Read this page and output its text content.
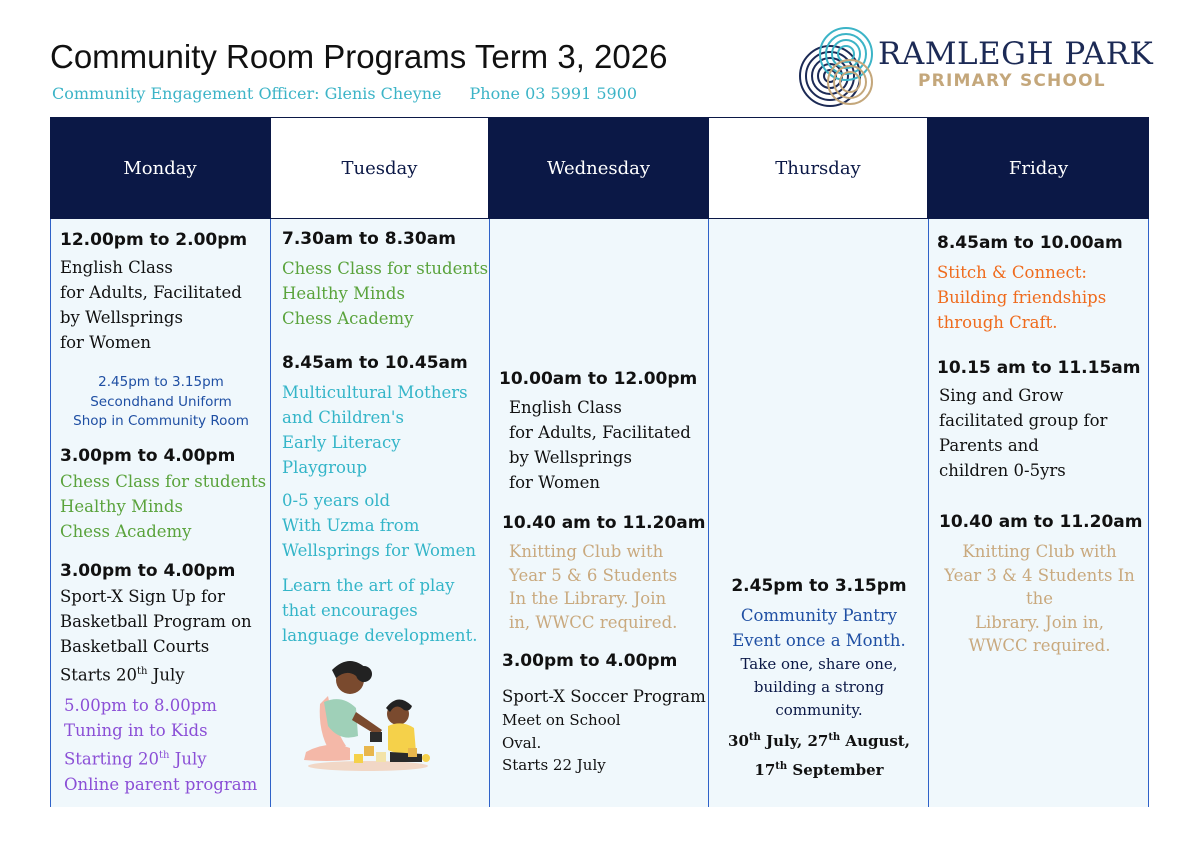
Community Room Programs Term 3, 2026
Community Engagement Officer: Glenis Cheyne Phone 03 5991 5900
RAMLEGH PARK
PRIMARY SCHOOL
Monday
12.00pm to 2.00pm
English Class
for Adults, Facilitated
by Wellsprings
for Women
2.45pm to 3.15pm
Secondhand Uniform
Shop in Community Room
3.00pm to 4.00pm
Chess Class for students
Healthy Minds
Chess Academy
3.00pm to 4.00pm
Sport-X Sign Up for
Basketball Program on
Basketball Courts
Starts 20th July
5.00pm to 8.00pm
Tuning in to Kids
Starting 20th July
Online parent program
Tuesday
7.30am to 8.30am
Chess Class for students
Healthy Minds
Chess Academy
8.45am to 10.45am
Multicultural Mothers
and Children's
Early Literacy
Playgroup
0-5 years old
With Uzma from
Wellsprings for Women
Learn the art of play
that encourages
language development.
Wednesday
10.00am to 12.00pm
English Class
for Adults, Facilitated
by Wellsprings
for Women
10.40 am to 11.20am
Knitting Club with
Year 5 & 6 Students
In the Library. Join
in, WWCC required.
3.00pm to 4.00pm
Sport-X Soccer Program
Meet on School
Oval.
Starts 22 July
Thursday
2.45pm to 3.15pm
Community Pantry
Event once a Month.
Take one, share one,
building a strong
community.
30th July, 27th August,
17th September
Friday
8.45am to 10.00am
Stitch & Connect:
Building friendships
through Craft.
10.15 am to 11.15am
Sing and Grow
facilitated group for
Parents and
children 0-5yrs
10.40 am to 11.20am
Knitting Club with
Year 3 & 4 Students In the
Library. Join in,
WWCC required.
